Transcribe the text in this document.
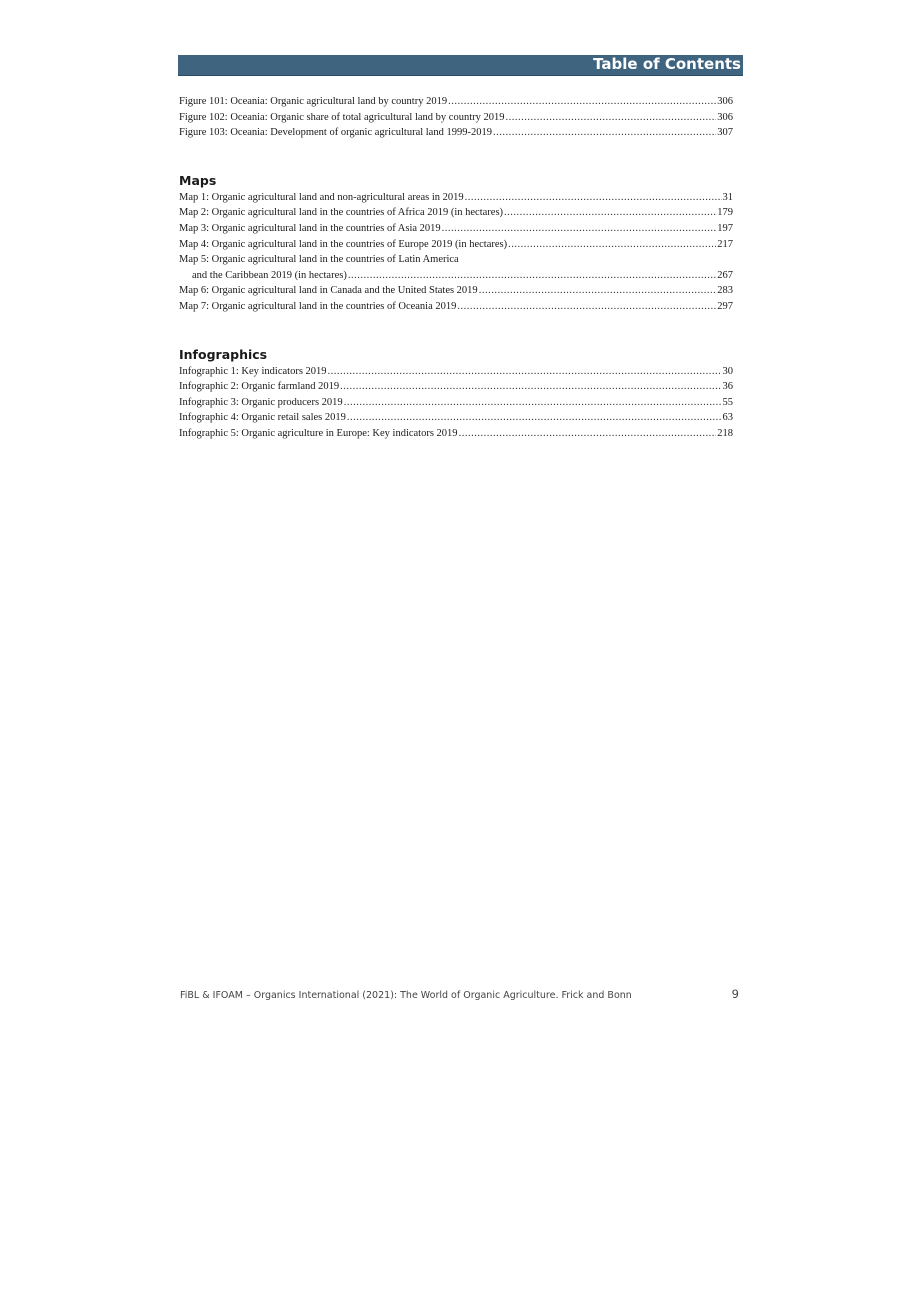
Table of Contents
Figure 101: Oceania: Organic agricultural land by country 2019 .....	306
Figure 102: Oceania: Organic share of total agricultural land by country 2019 .....	306
Figure 103: Oceania: Development of organic agricultural land 1999-2019 .....	307
Maps
Map 1: Organic agricultural land and non-agricultural areas in 2019 .....	31
Map 2: Organic agricultural land in the countries of Africa 2019 (in hectares) .....	179
Map 3: Organic agricultural land in the countries of Asia 2019 .....	197
Map 4: Organic agricultural land in the countries of Europe 2019 (in hectares) .....	217
Map 5: Organic agricultural land in the countries of Latin America
and the Caribbean 2019 (in hectares) .....	267
Map 6: Organic agricultural land in Canada and the United States 2019 .....	283
Map 7: Organic agricultural land in the countries of Oceania 2019 .....	297
Infographics
Infographic 1: Key indicators 2019 .....	30
Infographic 2: Organic farmland 2019 .....	36
Infographic 3: Organic producers 2019 .....	55
Infographic 4: Organic retail sales 2019 .....	63
Infographic 5: Organic agriculture in Europe: Key indicators 2019 .....	218
FiBL & IFOAM – Organics International (2021): The World of Organic Agriculture. Frick and Bonn	9
